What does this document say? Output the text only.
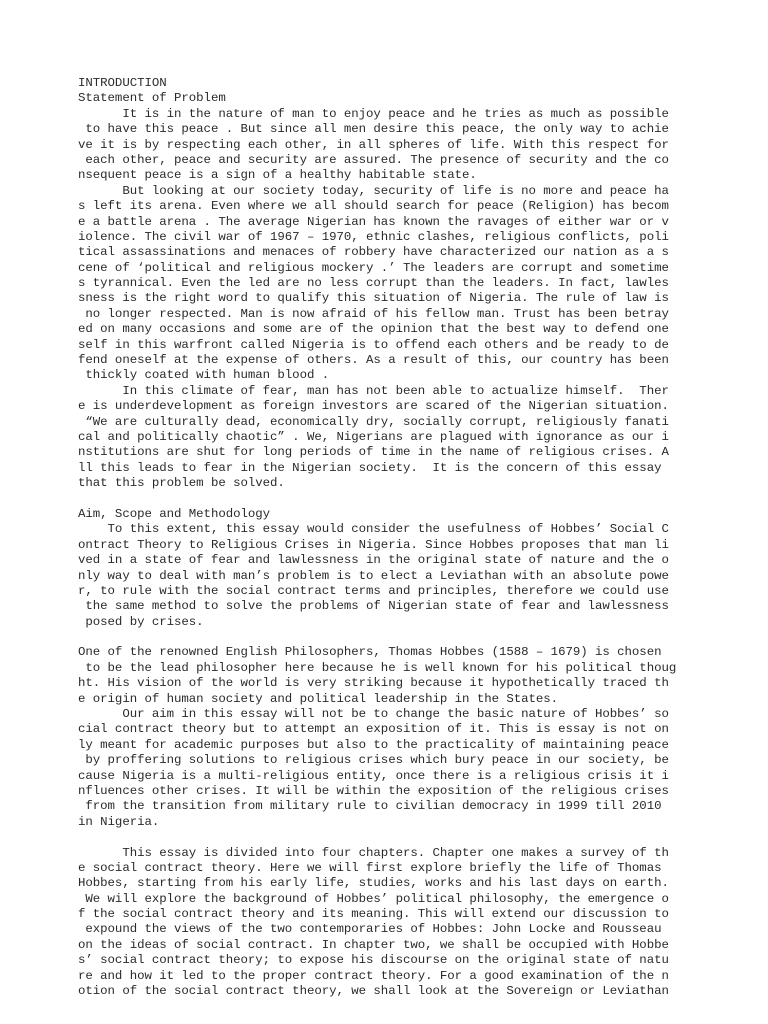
INTRODUCTION
Statement of Problem
It is in the nature of man to enjoy peace and he tries as much as possible
to have this peace . But since all men desire this peace, the only way to achie
ve it is by respecting each other, in all spheres of life. With this respect for
each other, peace and security are assured. The presence of security and the co
nsequent peace is a sign of a healthy habitable state.
But looking at our society today, security of life is no more and peace ha
s left its arena. Even where we all should search for peace (Religion) has becom
e a battle arena . The average Nigerian has known the ravages of either war or v
iolence. The civil war of 1967 – 1970, ethnic clashes, religious conflicts, poli
tical assassinations and menaces of robbery have characterized our nation as a s
cene of ‘political and religious mockery .’ The leaders are corrupt and sometime
s tyrannical. Even the led are no less corrupt than the leaders. In fact, lawles
sness is the right word to qualify this situation of Nigeria. The rule of law is
no longer respected. Man is now afraid of his fellow man. Trust has been betray
ed on many occasions and some are of the opinion that the best way to defend one
self in this warfront called Nigeria is to offend each others and be ready to de
fend oneself at the expense of others. As a result of this, our country has been
thickly coated with human blood .
In this climate of fear, man has not been able to actualize himself.  Ther
e is underdevelopment as foreign investors are scared of the Nigerian situation.
“We are culturally dead, economically dry, socially corrupt, religiously fanati
cal and politically chaotic” . We, Nigerians are plagued with ignorance as our i
nstitutions are shut for long periods of time in the name of religious crises. A
ll this leads to fear in the Nigerian society.  It is the concern of this essay
that this problem be solved.
Aim, Scope and Methodology
To this extent, this essay would consider the usefulness of Hobbes’ Social C
ontract Theory to Religious Crises in Nigeria. Since Hobbes proposes that man li
ved in a state of fear and lawlessness in the original state of nature and the o
nly way to deal with man’s problem is to elect a Leviathan with an absolute powe
r, to rule with the social contract terms and principles, therefore we could use
the same method to solve the problems of Nigerian state of fear and lawlessness
posed by crises.
One of the renowned English Philosophers, Thomas Hobbes (1588 – 1679) is chosen
to be the lead philosopher here because he is well known for his political thoug
ht. His vision of the world is very striking because it hypothetically traced th
e origin of human society and political leadership in the States.
Our aim in this essay will not be to change the basic nature of Hobbes’ so
cial contract theory but to attempt an exposition of it. This is essay is not on
ly meant for academic purposes but also to the practicality of maintaining peace
by proffering solutions to religious crises which bury peace in our society, be
cause Nigeria is a multi-religious entity, once there is a religious crisis it i
nfluences other crises. It will be within the exposition of the religious crises
from the transition from military rule to civilian democracy in 1999 till 2010
in Nigeria.
This essay is divided into four chapters. Chapter one makes a survey of th
e social contract theory. Here we will first explore briefly the life of Thomas
Hobbes, starting from his early life, studies, works and his last days on earth.
We will explore the background of Hobbes’ political philosophy, the emergence o
f the social contract theory and its meaning. This will extend our discussion to
expound the views of the two contemporaries of Hobbes: John Locke and Rousseau
on the ideas of social contract. In chapter two, we shall be occupied with Hobbe
s’ social contract theory; to expose his discourse on the original state of natu
re and how it led to the proper contract theory. For a good examination of the n
otion of the social contract theory, we shall look at the Sovereign or Leviathan
